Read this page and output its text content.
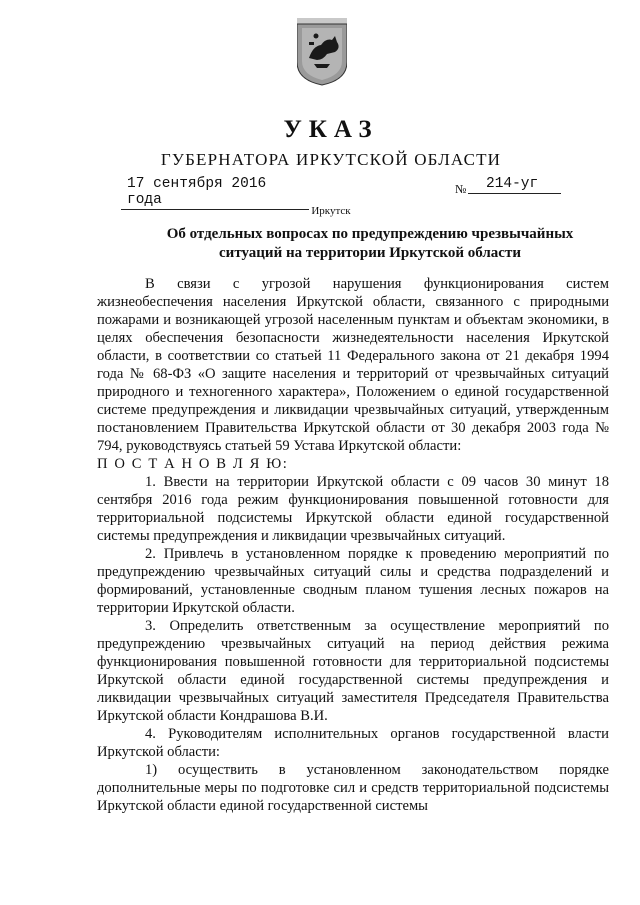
УКАЗ
ГУБЕРНАТОРА ИРКУТСКОЙ ОБЛАСТИ
17 сентября 2016 года
№	214-уг
Иркутск
Об отдельных вопросах по предупреждению чрезвычайных ситуаций на территории Иркутской области

В связи с угрозой нарушения функционирования систем жизнеобеспечения населения Иркутской области, связанного с природными пожарами и возникающей угрозой населенным пунктам и объектам экономики, в целях обеспечения безопасности жизнедеятельности населения Иркутской области, в соответствии со статьей 11 Федерального закона от 21 декабря 1994 года № 68-ФЗ «О защите населения и территорий от чрезвычайных ситуаций природного и техногенного характера», Положением о единой государственной системе предупреждения и ликвидации чрезвычайных ситуаций, утвержденным постановлением Правительства Иркутской области от 30 декабря 2003 года № 794, руководствуясь статьей 59 Устава Иркутской области:

П О С Т А Н О В Л Я Ю:

1. Ввести на территории Иркутской области с 09 часов 30 минут 18 сентября 2016 года режим функционирования повышенной готовности для территориальной подсистемы Иркутской области единой государственной системы предупреждения и ликвидации чрезвычайных ситуаций.

2. Привлечь в установленном порядке к проведению мероприятий по предупреждению чрезвычайных ситуаций силы и средства подразделений и формирований, установленные сводным планом тушения лесных пожаров на территории Иркутской области.

3. Определить ответственным за осуществление мероприятий по предупреждению чрезвычайных ситуаций на период действия режима функционирования повышенной готовности для территориальной подсистемы Иркутской области единой государственной системы предупреждения и ликвидации чрезвычайных ситуаций заместителя Председателя Правительства Иркутской области Кондрашова В.И.

4. Руководителям исполнительных органов государственной власти Иркутской области:

1) осуществить в установленном законодательством порядке дополнительные меры по подготовке сил и средств территориальной подсистемы Иркутской области единой государственной системы
